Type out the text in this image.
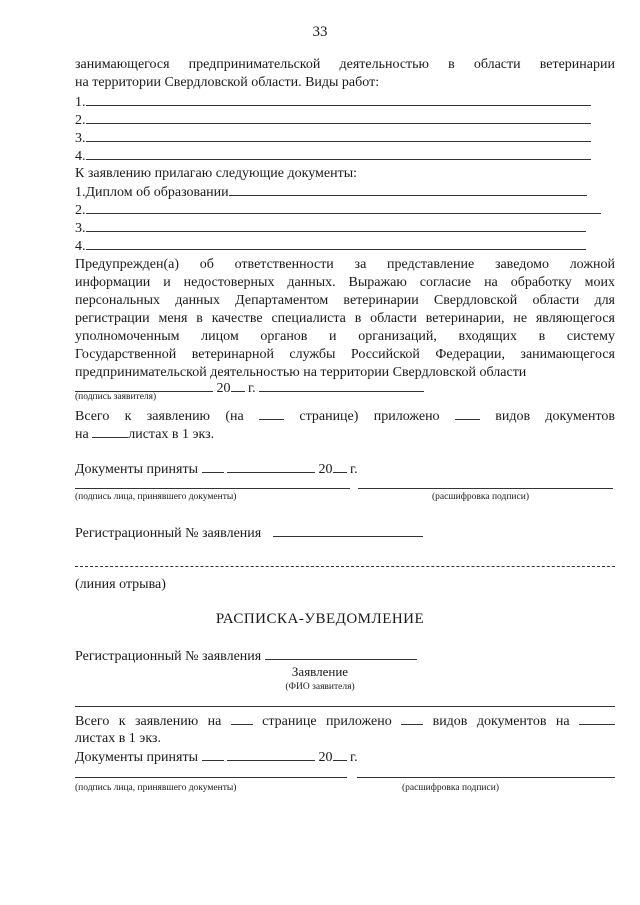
33
занимающегося предпринимательской деятельностью в области ветеринарии
на территории Свердловской области. Виды работ:
1.
2.
3.
4.
К заявлению прилагаю следующие документы:
1.Диплом об образовании
2.
3.
4.
Предупрежден(а) об ответственности за представление заведомо ложной
информации и недостоверных данных. Выражаю согласие на обработку моих
персональных данных Департаментом ветеринарии Свердловской области для
регистрации меня в качестве специалиста в области ветеринарии, не являющегося
уполномоченным лицом органов и организаций, входящих в систему
Государственной ветеринарной службы Российской Федерации, занимающегося
предпринимательской деятельностью на территории Свердловской области
20 г.
(подпись заявителя)
Всего к заявлению (на	странице) приложено	видов документов
на	листах в 1 экз.
Документы приняты	20 г.
(подпись лица, принявшего документы)	(расшифровка подписи)
Регистрационный № заявления
(линия отрыва)
РАСПИСКА-УВЕДОМЛЕНИЕ
Регистрационный № заявления
Заявление
(ФИО заявителя)
Всего к заявлению на	странице приложено	видов документов на
листах в 1 экз.
Документы приняты	20 г.
(подпись лица, принявшего документы)	(расшифровка подписи)
